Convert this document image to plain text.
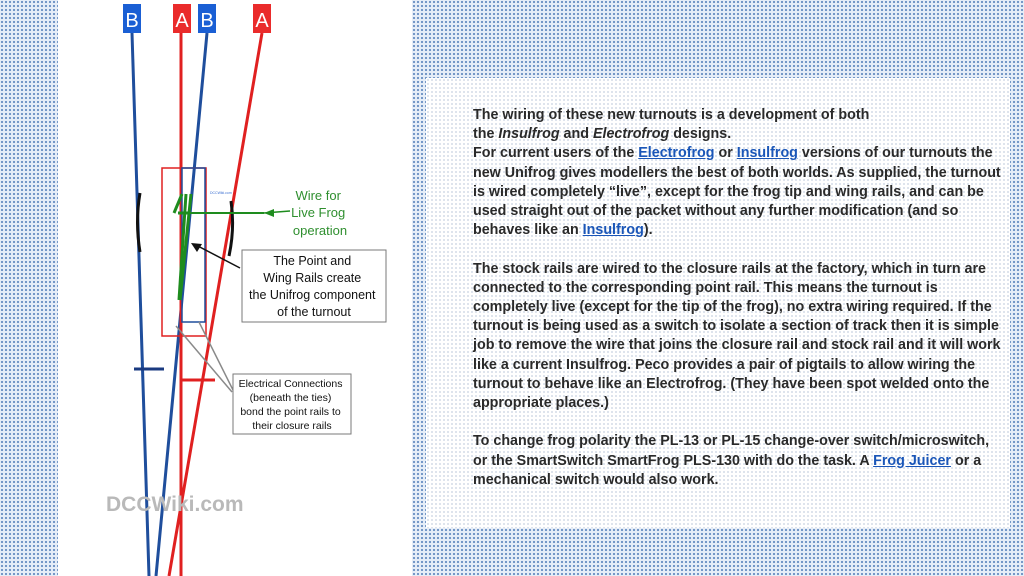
B A B A
DCCWiki.com	Wire for Live Frog operation
The Point and Wing Rails create the Unifrog component of the turnout
Electrical Connections (beneath the ties) bond the point rails to their closure rails
DCCWiki.com

The wiring of these new turnouts is a development of both
the Insulfrog and Electrofrog designs.
For current users of the Electrofrog or Insulfrog versions of our turnouts the new Unifrog gives modellers the best of both worlds. As supplied, the turnout is wired completely “live”, except for the frog tip and wing rails, and can be used straight out of the packet without any further modification (and so behaves like an Insulfrog).

The stock rails are wired to the closure rails at the factory, which in turn are connected to the corresponding point rail. This means the turnout is completely live (except for the tip of the frog), no extra wiring required. If the turnout is being used as a switch to isolate a section of track then it is simple job to remove the wire that joins the closure rail and stock rail and it will work like a current Insulfrog. Peco provides a pair of pigtails to allow wiring the turnout to behave like an Electrofrog. (They have been spot welded onto the appropriate places.)

To change frog polarity the PL-13 or PL-15 change-over switch/microswitch, or the SmartSwitch SmartFrog PLS-130 with do the task. A Frog Juicer or a mechanical switch would also work.
